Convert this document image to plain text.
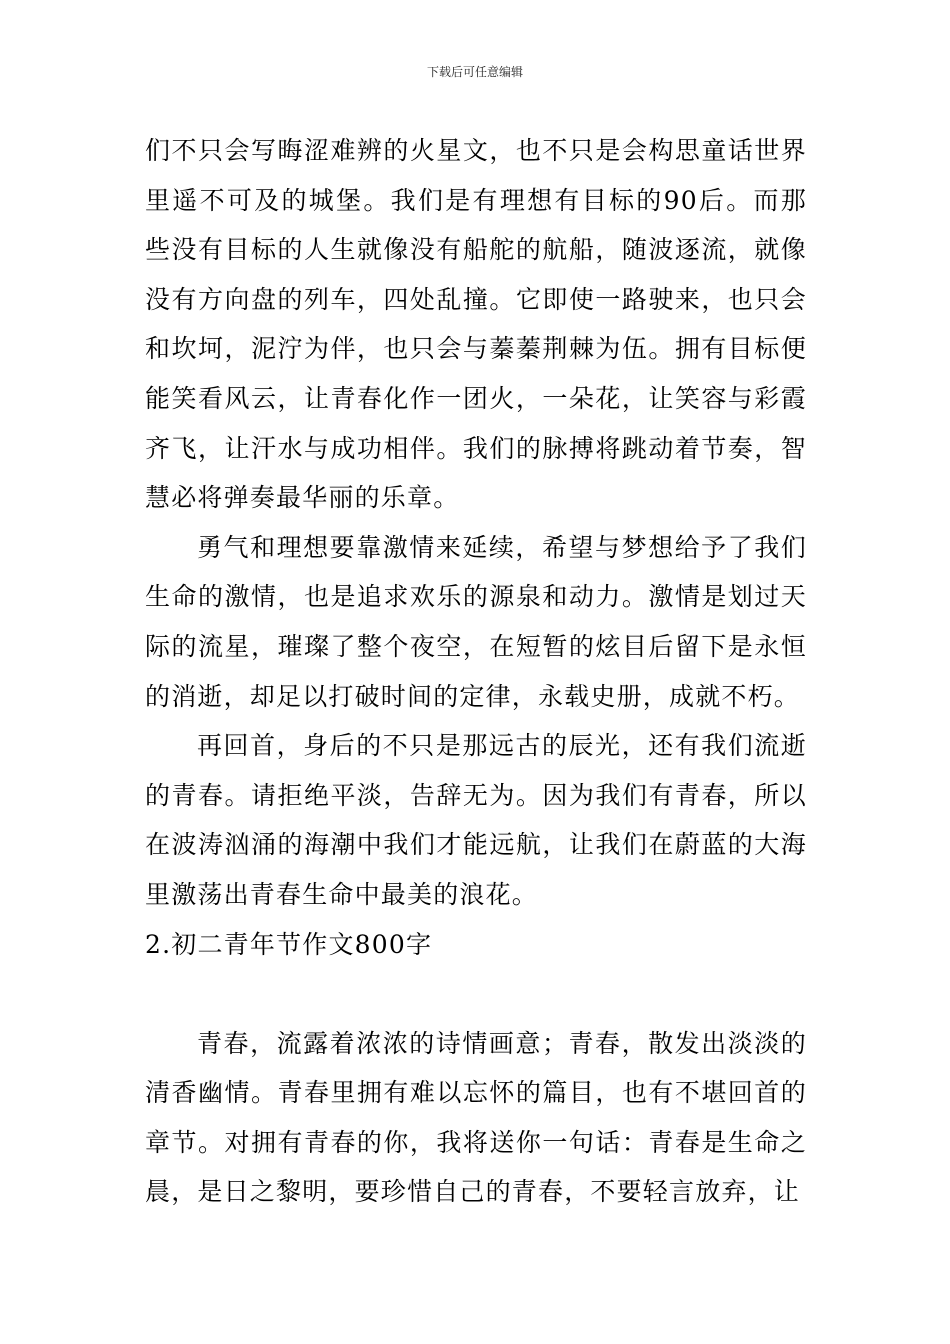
下载后可任意编辑

们不只会写晦涩难辨的火星文，也不只是会构思童话世界里遥不可及的城堡。我们是有理想有目标的90后。而那些没有目标的人生就像没有船舵的航船，随波逐流，就像没有方向盘的列车，四处乱撞。它即使一路驶来，也只会和坎坷，泥泞为伴，也只会与蓁蓁荆棘为伍。拥有目标便能笑看风云，让青春化作一团火，一朵花，让笑容与彩霞齐飞，让汗水与成功相伴。我们的脉搏将跳动着节奏，智慧必将弹奏最华丽的乐章。

勇气和理想要靠激情来延续，希望与梦想给予了我们生命的激情，也是追求欢乐的源泉和动力。激情是划过天际的流星，璀璨了整个夜空，在短暂的炫目后留下是永恒的消逝，却足以打破时间的定律，永载史册，成就不朽。

再回首，身后的不只是那远古的辰光，还有我们流逝的青春。请拒绝平淡，告辞无为。因为我们有青春，所以在波涛汹涌的海潮中我们才能远航，让我们在蔚蓝的大海里激荡出青春生命中最美的浪花。

2.初二青年节作文800字

青春，流露着浓浓的诗情画意；青春，散发出淡淡的清香幽情。青春里拥有难以忘怀的篇目，也有不堪回首的章节。对拥有青春的你，我将送你一句话：青春是生命之晨，是日之黎明，要珍惜自己的青春，不要轻言放弃，让
